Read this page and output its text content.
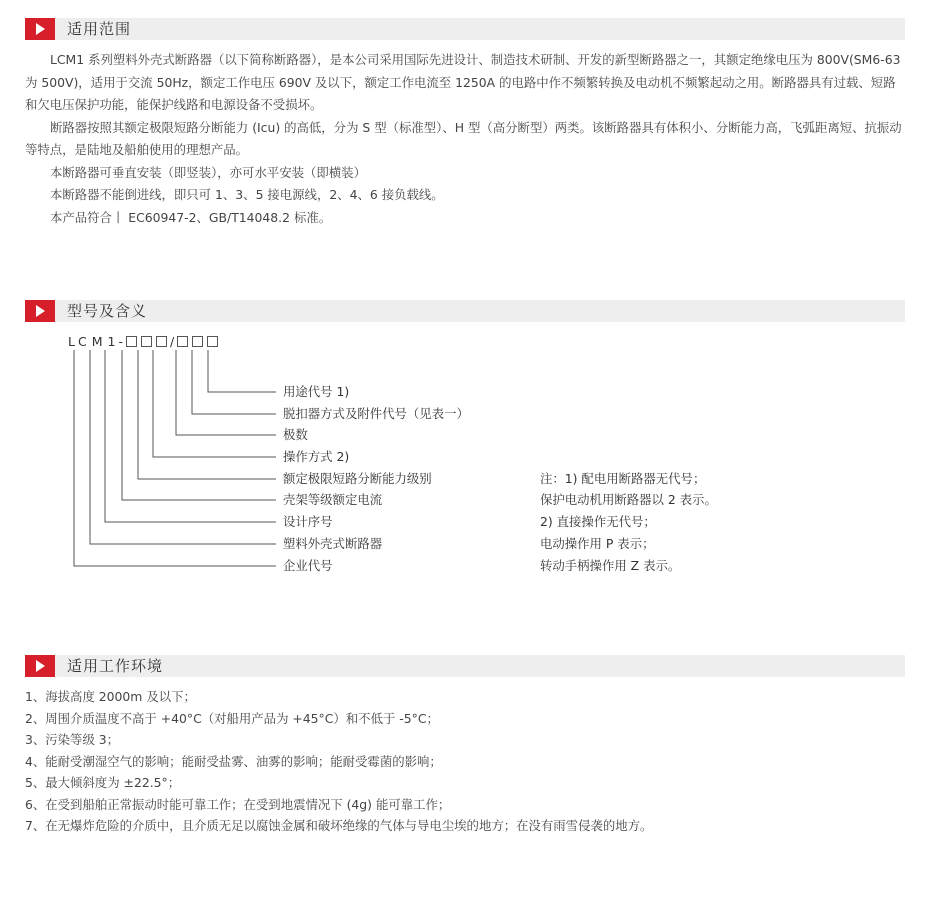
适用范围

LCM1 系列塑料外壳式断路器（以下简称断路器），是本公司采用国际先进设计、制造技术研制、开发的新型断路器之一，其额定绝缘电压为 800V(SM6-63 为 500V)，适用于交流 50Hz，额定工作电压 690V 及以下，额定工作电流至 1250A 的电路中作不频繁转换及电动机不频繁起动之用。断路器具有过载、短路和欠电压保护功能，能保护线路和电源设备不受损坏。

断路器按照其额定极限短路分断能力 (Icu) 的高低，分为 S 型（标准型）、H 型（高分断型）两类。该断路器具有体积小、分断能力高，飞弧距离短、抗振动等特点，是陆地及船舶使用的理想产品。

本断路器可垂直安装（即竖装），亦可水平安装（即横装）

本断路器不能倒进线，即只可 1、3、5 接电源线，2、4、6 接负载线。

本产品符合丨 EC60947-2、GB/T14048.2 标准。

型号及含义
L C M 1 -	/
用途代号 1)
脱扣器方式及附件代号（见表一）
极数
操作方式 2)
额定极限短路分断能力级别
壳架等级额定电流
设计序号
塑料外壳式断路器
企业代号
注：1) 配电用断路器无代号；
保护电动机用断路器以 2 表示。
2) 直接操作无代号；
电动操作用 P 表示；
转动手柄操作用 Z 表示。
适用工作环境
1、海拔高度 2000m 及以下；
2、周围介质温度不高于 +40°C（对船用产品为 +45°C）和不低于 -5°C；
3、污染等级 3；
4、能耐受潮湿空气的影响；能耐受盐雾、油雾的影响；能耐受霉菌的影响；
5、最大倾斜度为 ±22.5°；
6、在受到船舶正常振动时能可靠工作；在受到地震情况下 (4g) 能可靠工作；
7、在无爆炸危险的介质中，且介质无足以腐蚀金属和破坏绝缘的气体与导电尘埃的地方；在没有雨雪侵袭的地方。
